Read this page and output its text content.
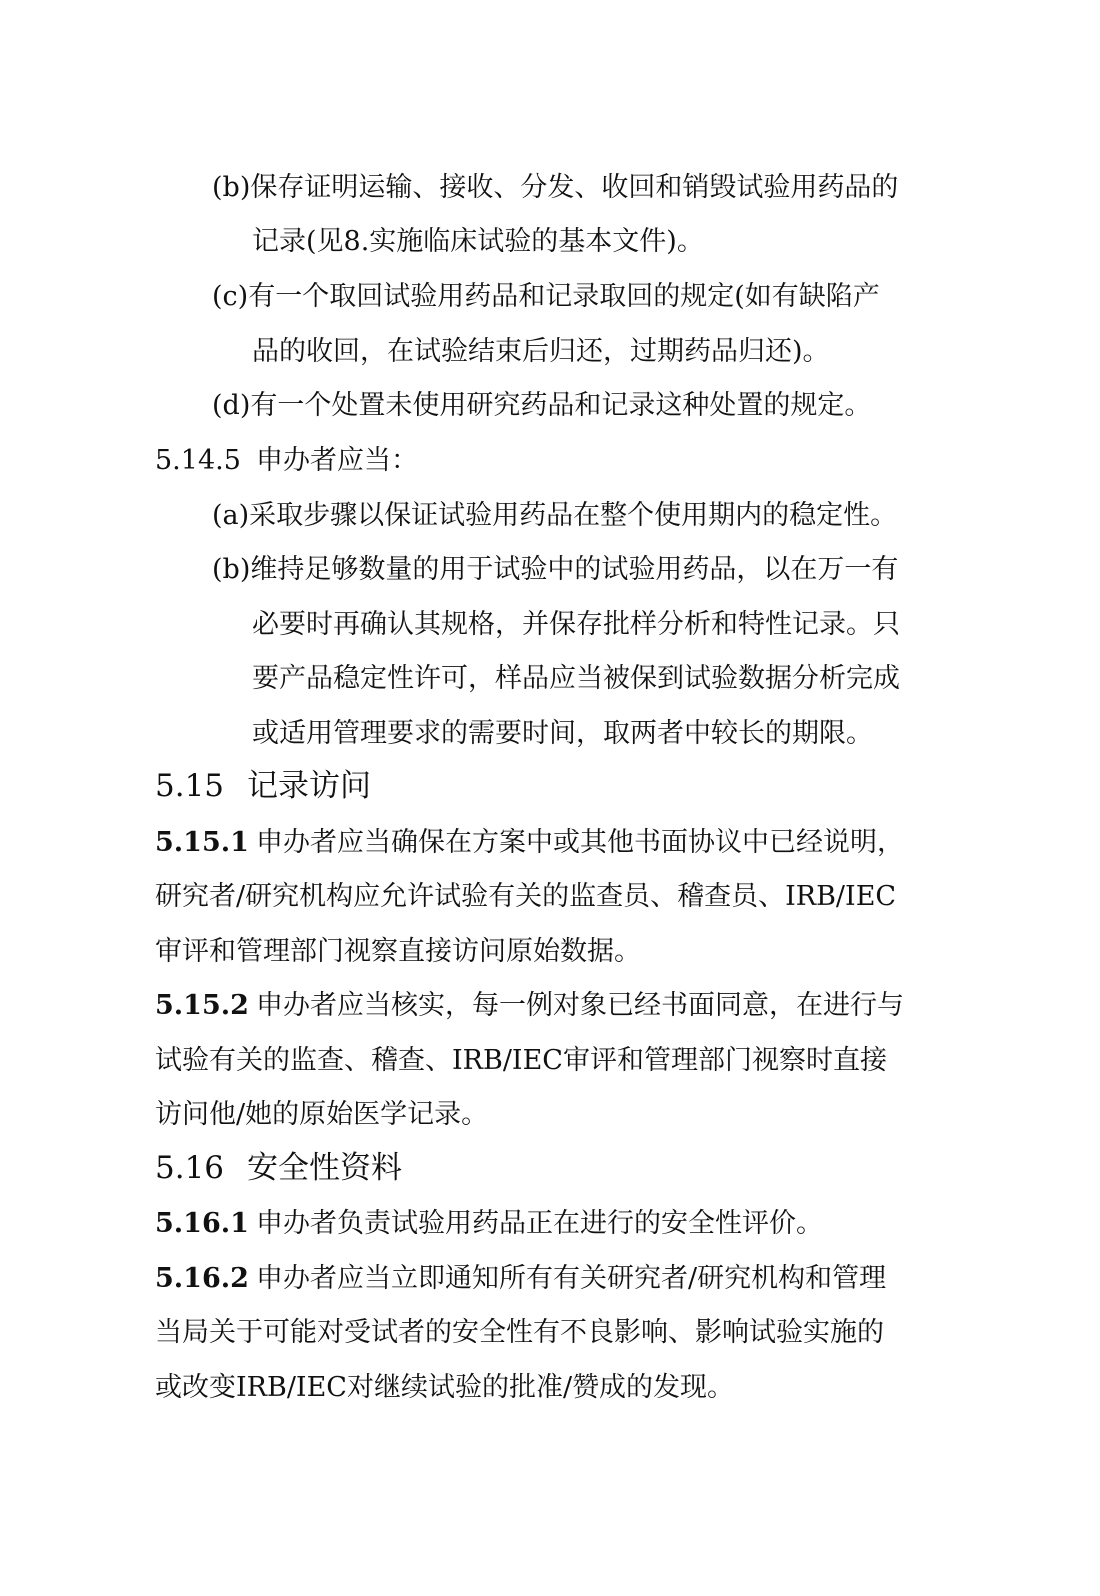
(b)保存证明运输、接收、分发、收回和销毁试验用药品的
记录(见8.实施临床试验的基本文件)。
(c)有一个取回试验用药品和记录取回的规定(如有缺陷产
品的收回，在试验结束后归还，过期药品归还)。
(d)有一个处置未使用研究药品和记录这种处置的规定。
5.14.5 申办者应当：
(a)采取步骤以保证试验用药品在整个使用期内的稳定性。
(b)维持足够数量的用于试验中的试验用药品，以在万一有
必要时再确认其规格，并保存批样分析和特性记录。只
要产品稳定性许可，样品应当被保到试验数据分析完成
或适用管理要求的需要时间，取两者中较长的期限。
5.15 记录访问
5.15.1 申办者应当确保在方案中或其他书面协议中已经说明，
研究者/研究机构应允许试验有关的监查员、稽查员、IRB/IEC
审评和管理部门视察直接访问原始数据。
5.15.2 申办者应当核实，每一例对象已经书面同意，在进行与
试验有关的监查、稽查、IRB/IEC审评和管理部门视察时直接
访问他/她的原始医学记录。
5.16 安全性资料
5.16.1 申办者负责试验用药品正在进行的安全性评价。
5.16.2 申办者应当立即通知所有有关研究者/研究机构和管理
当局关于可能对受试者的安全性有不良影响、影响试验实施的
或改变IRB/IEC对继续试验的批准/赞成的发现。
